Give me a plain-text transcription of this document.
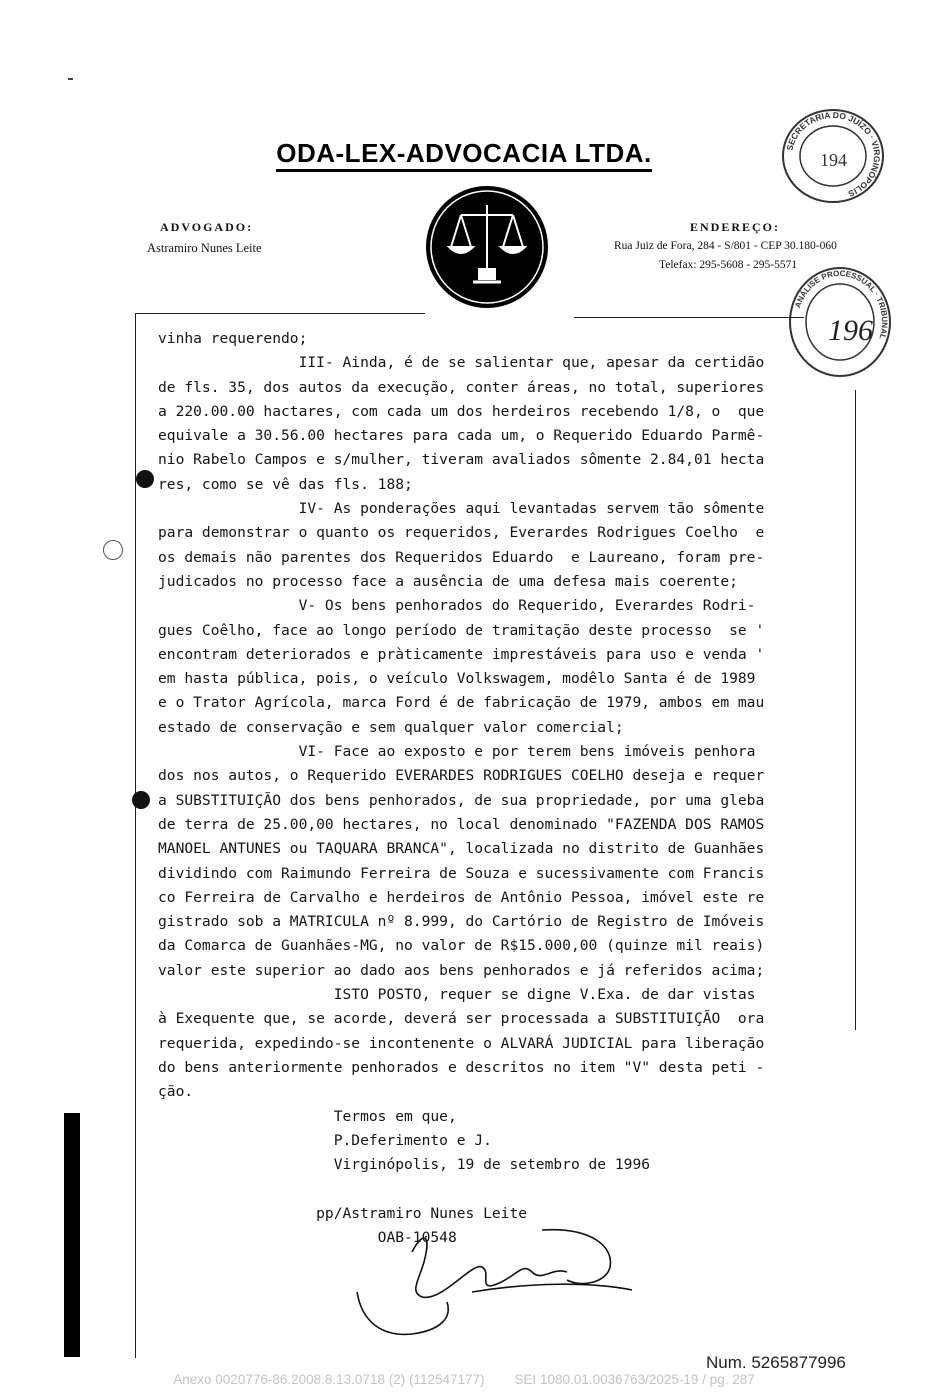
ODA-LEX-ADVOCACIA LTDA.
ADVOGADO:
Astramiro Nunes Leite
ENDEREÇO:
Rua Juiz de Fora, 284 - S/801 - CEP 30.180-060
Telefax: 295-5608 - 295-5571
SECRETARIA DO JUÍZO · VIRGINÓPOLIS
194
ANÁLISE PROCESSUAL · TRIBUNAL
196
vinha requerendo;
III- Ainda, é de se salientar que, apesar da certidão
de fls. 35, dos autos da execução, conter áreas, no total, superiores
a 220.00.00 hactares, com cada um dos herdeiros recebendo 1/8, o  que
equivale a 30.56.00 hectares para cada um, o Requerido Eduardo Parmê-
nio Rabelo Campos e s/mulher, tiveram avaliados sômente 2.84,01 hecta
res, como se vê das fls. 188;
IV- As ponderações aqui levantadas servem tão sômente
para demonstrar o quanto os requeridos, Everardes Rodrigues Coelho  e
os demais não parentes dos Requeridos Eduardo  e Laureano, foram pre-
judicados no processo face a ausência de uma defesa mais coerente;
V- Os bens penhorados do Requerido, Everardes Rodri-
gues Coêlho, face ao longo período de tramitação deste processo  se '
encontram deteriorados e pràticamente imprestáveis para uso e venda '
em hasta pública, pois, o veículo Volkswagem, modêlo Santa é de 1989
e o Trator Agrícola, marca Ford é de fabricação de 1979, ambos em mau
estado de conservação e sem qualquer valor comercial;
VI- Face ao exposto e por terem bens imóveis penhora
dos nos autos, o Requerido EVERARDES RODRIGUES COELHO deseja e requer
a SUBSTITUIÇÃO dos bens penhorados, de sua propriedade, por uma gleba
de terra de 25.00,00 hectares, no local denominado "FAZENDA DOS RAMOS
MANOEL ANTUNES ou TAQUARA BRANCA", localizada no distrito de Guanhães
dividindo com Raimundo Ferreira de Souza e sucessivamente com Francis
co Ferreira de Carvalho e herdeiros de Antônio Pessoa, imóvel este re
gistrado sob a MATRICULA nº 8.999, do Cartório de Registro de Imóveis
da Comarca de Guanhães-MG, no valor de R$15.000,00 (quinze mil reais)
valor este superior ao dado aos bens penhorados e já referidos acima;
ISTO POSTO, requer se digne V.Exa. de dar vistas
à Exequente que, se acorde, deverá ser processada a SUBSTITUIÇÃO  ora
requerida, expedindo-se incontenente o ALVARÁ JUDICIAL para liberação
do bens anteriormente penhorados e descritos no item "V" desta peti -
ção.
Termos em que,
P.Deferimento e J.
Virginópolis, 19 de setembro de 1996
pp/Astramiro Nunes Leite
OAB-10548
Num. 5265877996
Anexo 0020776-86.2008.8.13.0718 (2) (112547177)        SEI 1080.01.0036763/2025-19 / pg. 287
